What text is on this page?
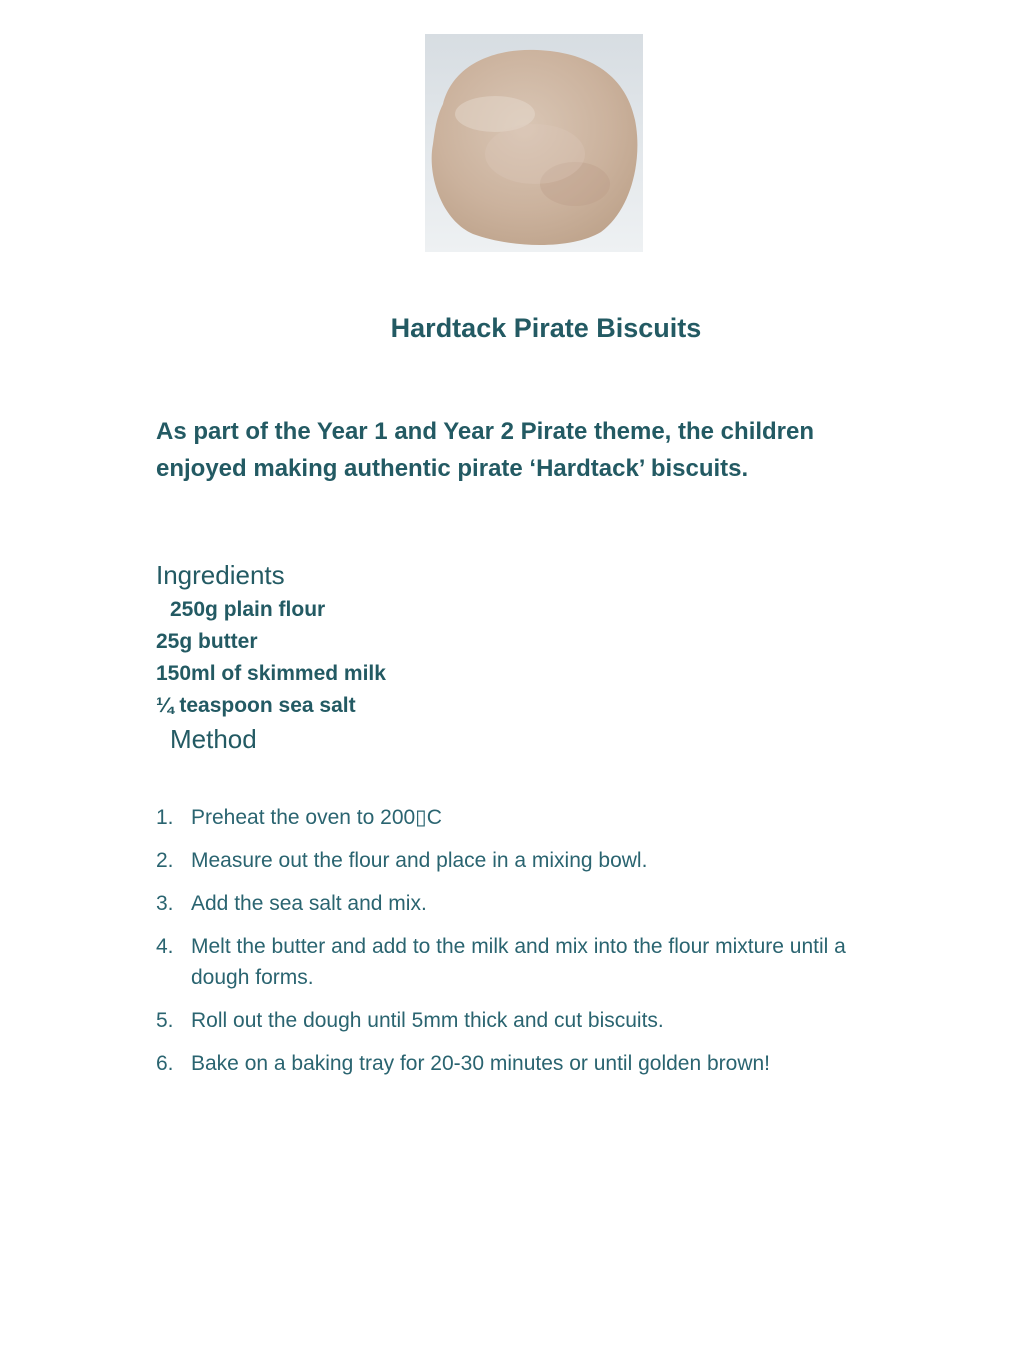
Hardtack Pirate Biscuits
As part of the Year 1 and Year 2 Pirate theme, the children enjoyed making authentic pirate ‘Hardtack’ biscuits.
Ingredients
250g plain flour
25g butter
150ml of skimmed milk
¼ teaspoon sea salt
Method
1. Preheat the oven to 200▯C
2. Measure out the flour and place in a mixing bowl.
3. Add the sea salt and mix.
4. Melt the butter and add to the milk and mix into the flour mixture until a dough forms.
5. Roll out the dough until 5mm thick and cut biscuits.
6. Bake on a baking tray for 20-30 minutes or until golden brown!
